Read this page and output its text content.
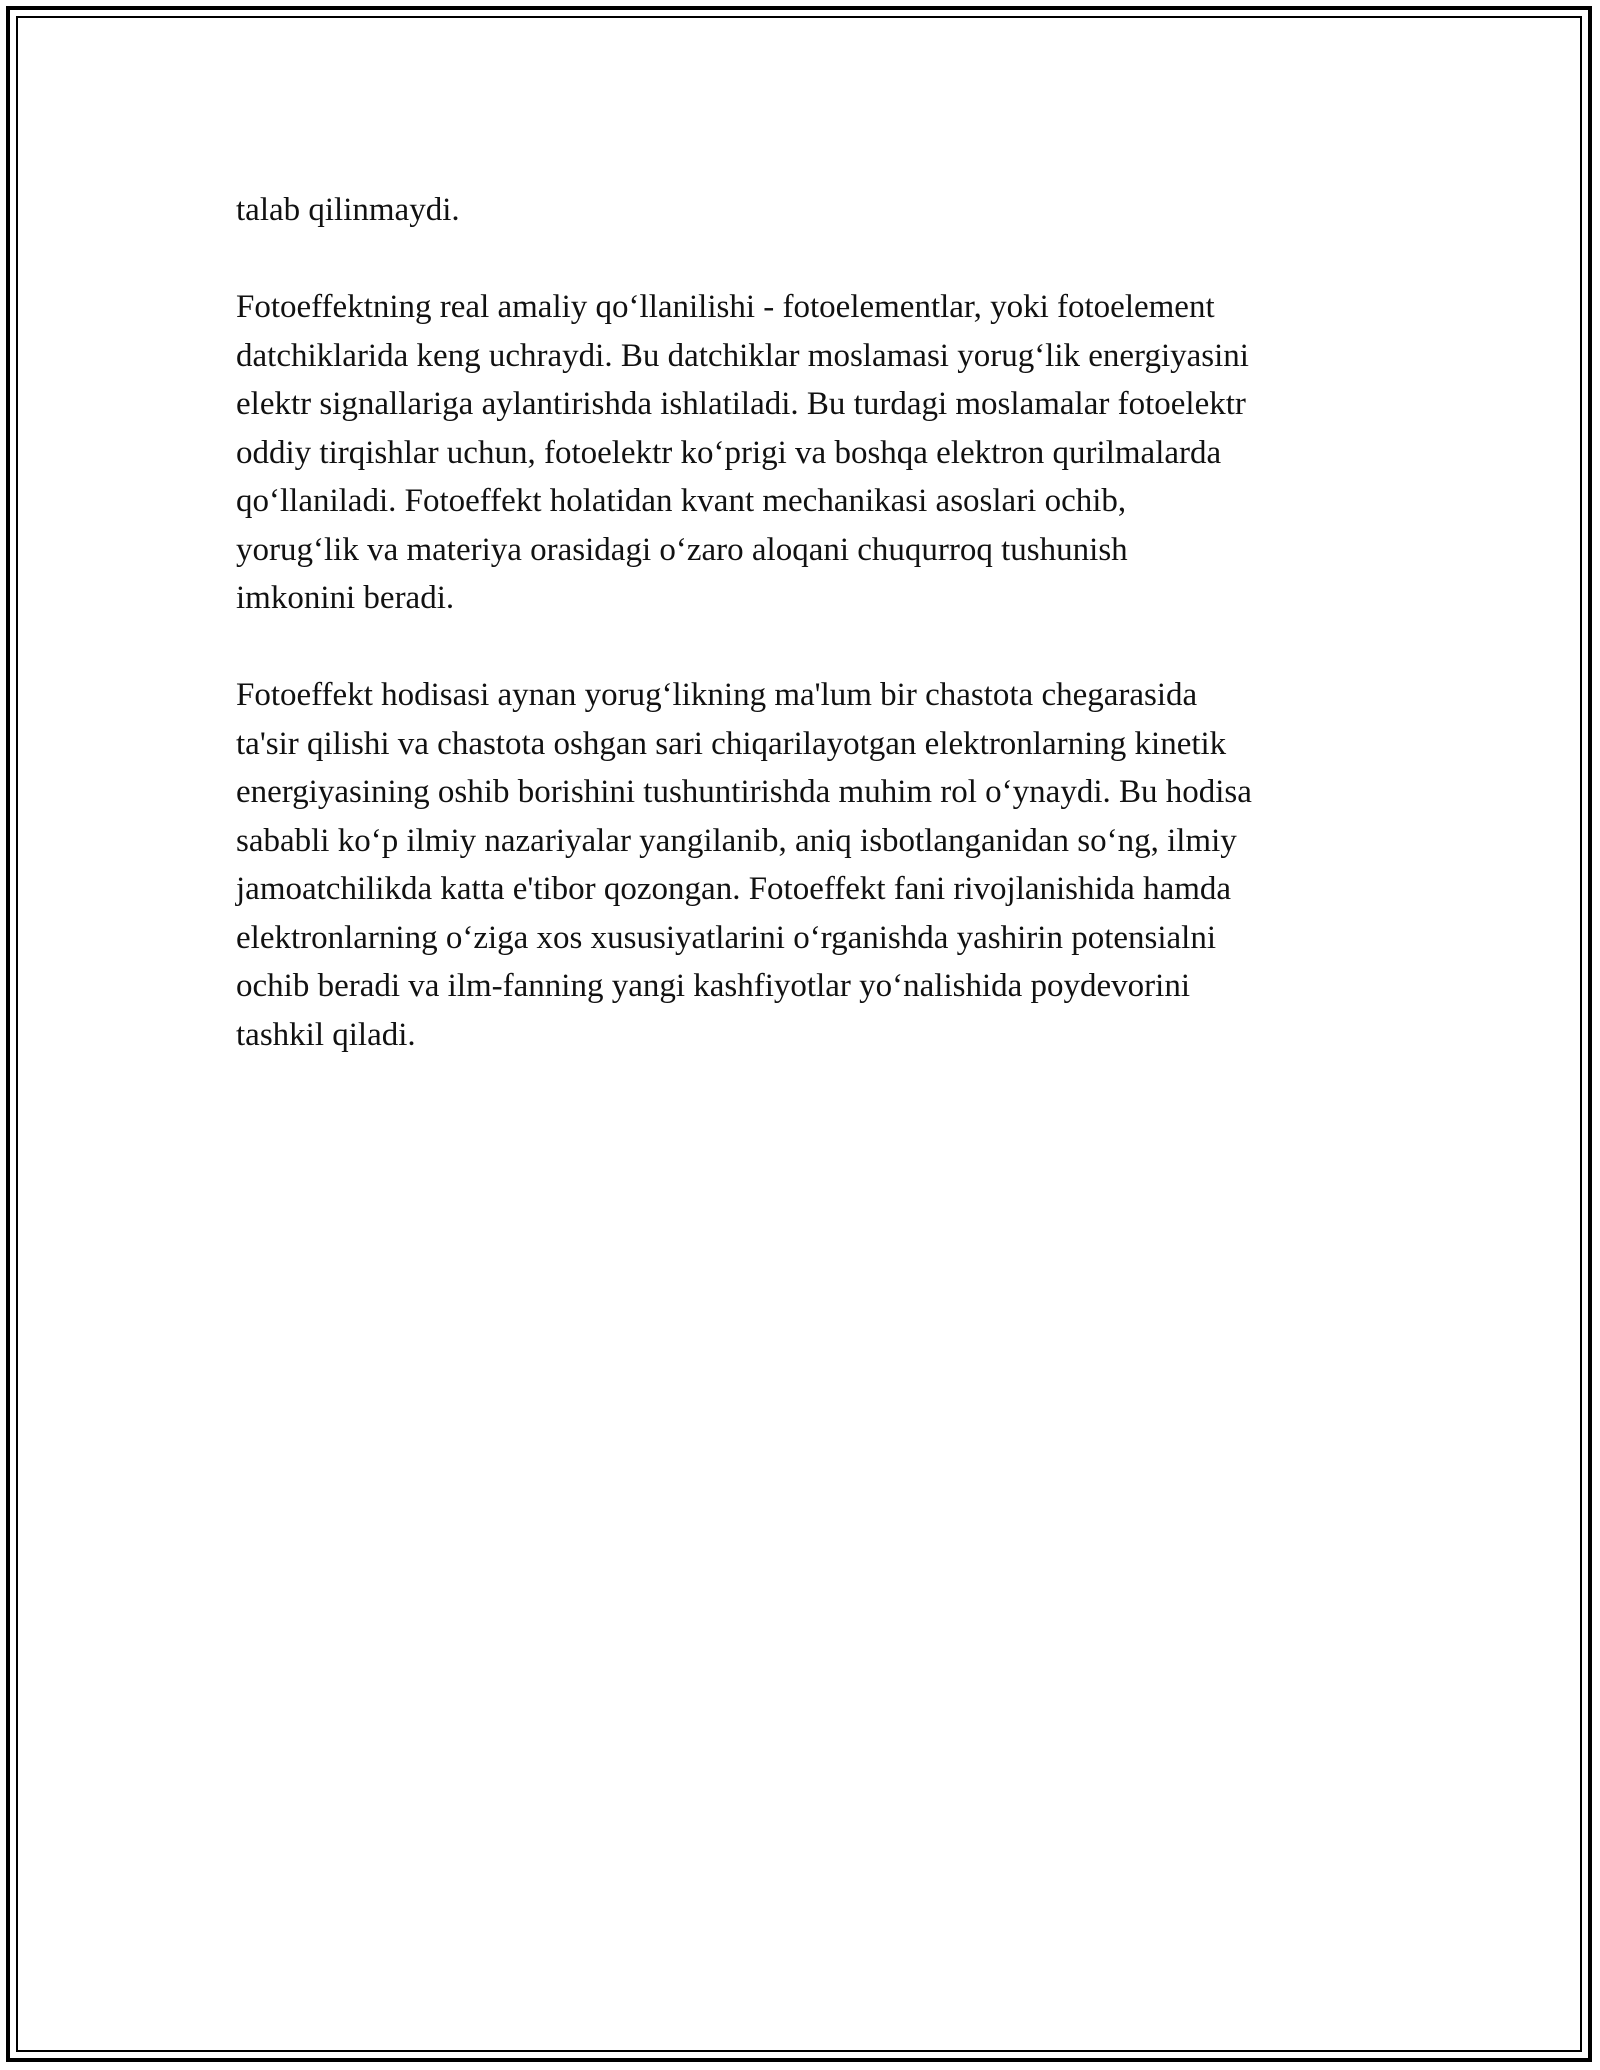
talab qilinmaydi.
Fotoeffektning real amaliy qo‘llanilishi - fotoelementlar, yoki fotoelement
datchiklarida keng uchraydi. Bu datchiklar moslamasi yorug‘lik energiyasini
elektr signallariga aylantirishda ishlatiladi. Bu turdagi moslamalar fotoelektr
oddiy tirqishlar uchun, fotoelektr ko‘prigi va boshqa elektron qurilmalarda
qo‘llaniladi. Fotoeffekt holatidan kvant mechanikasi asoslari ochib,
yorug‘lik va materiya orasidagi o‘zaro aloqani chuqurroq tushunish
imkonini beradi.
Fotoeffekt hodisasi aynan yorug‘likning ma'lum bir chastota chegarasida
ta'sir qilishi va chastota oshgan sari chiqarilayotgan elektronlarning kinetik
energiyasining oshib borishini tushuntirishda muhim rol o‘ynaydi. Bu hodisa
sababli ko‘p ilmiy nazariyalar yangilanib, aniq isbotlanganidan so‘ng, ilmiy
jamoatchilikda katta e'tibor qozongan. Fotoeffekt fani rivojlanishida hamda
elektronlarning o‘ziga xos xususiyatlarini o‘rganishda yashirin potensialni
ochib beradi va ilm-fanning yangi kashfiyotlar yo‘nalishida poydevorini
tashkil qiladi.
